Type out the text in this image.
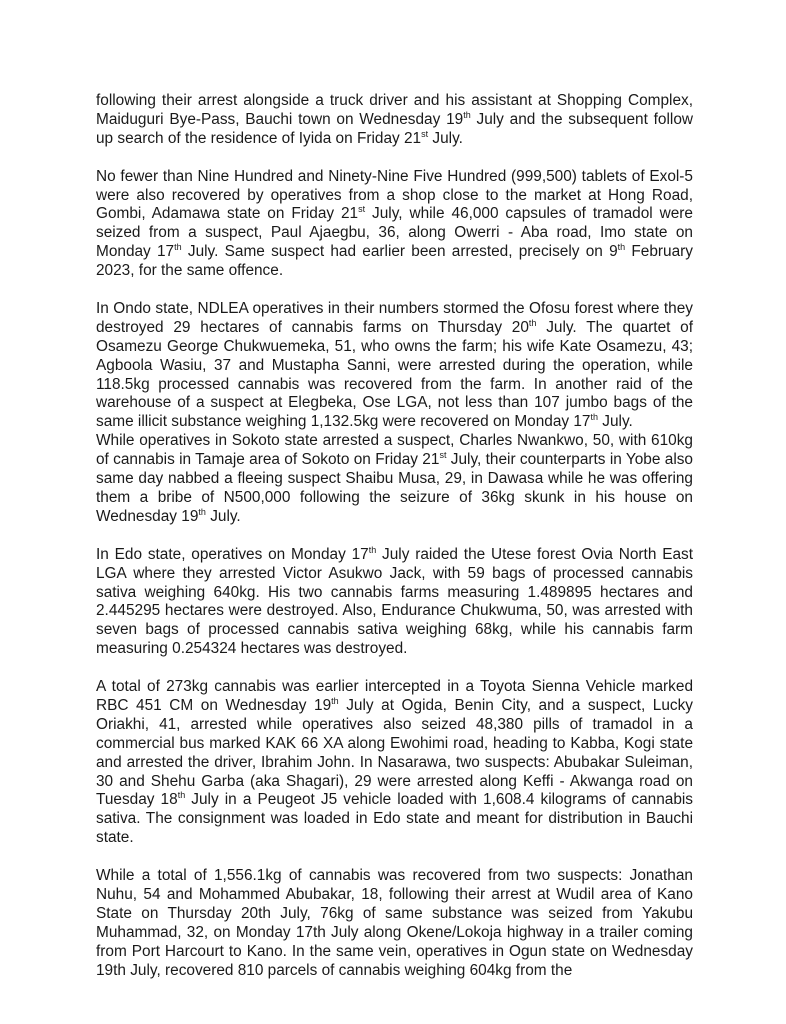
following their arrest alongside a truck driver and his assistant at Shopping Complex, Maiduguri Bye-Pass, Bauchi town on Wednesday 19th July and the subsequent follow up search of the residence of Iyida on Friday 21st July.

No fewer than Nine Hundred and Ninety-Nine Five Hundred (999,500) tablets of Exol-5 were also recovered by operatives from a shop close to the market at Hong Road, Gombi, Adamawa state on Friday 21st July, while 46,000 capsules of tramadol were seized from a suspect, Paul Ajaegbu, 36, along Owerri - Aba road, Imo state on Monday 17th July. Same suspect had earlier been arrested, precisely on 9th February 2023, for the same offence.

In Ondo state, NDLEA operatives in their numbers stormed the Ofosu forest where they destroyed 29 hectares of cannabis farms on Thursday 20th July. The quartet of Osamezu George Chukwuemeka, 51, who owns the farm; his wife Kate Osamezu, 43; Agboola Wasiu, 37 and Mustapha Sanni, were arrested during the operation, while 118.5kg processed cannabis was recovered from the farm. In another raid of the warehouse of a suspect at Elegbeka, Ose LGA, not less than 107 jumbo bags of the same illicit substance weighing 1,132.5kg were recovered on Monday 17th July.

While operatives in Sokoto state arrested a suspect, Charles Nwankwo, 50, with 610kg of cannabis in Tamaje area of Sokoto on Friday 21st July, their counterparts in Yobe also same day nabbed a fleeing suspect Shaibu Musa, 29, in Dawasa while he was offering them a bribe of N500,000 following the seizure of 36kg skunk in his house on Wednesday 19th July.

In Edo state, operatives on Monday 17th July raided the Utese forest Ovia North East LGA where they arrested Victor Asukwo Jack, with 59 bags of processed cannabis sativa weighing 640kg. His two cannabis farms measuring 1.489895 hectares and 2.445295 hectares were destroyed. Also, Endurance Chukwuma, 50, was arrested with seven bags of processed cannabis sativa weighing 68kg, while his cannabis farm measuring 0.254324 hectares was destroyed.

A total of 273kg cannabis was earlier intercepted in a Toyota Sienna Vehicle marked RBC 451 CM on Wednesday 19th July at Ogida, Benin City, and a suspect, Lucky Oriakhi, 41, arrested while operatives also seized 48,380 pills of tramadol in a commercial bus marked KAK 66 XA along Ewohimi road, heading to Kabba, Kogi state and arrested the driver, Ibrahim John. In Nasarawa, two suspects: Abubakar Suleiman, 30 and Shehu Garba (aka Shagari), 29 were arrested along Keffi - Akwanga road on Tuesday 18th July in a Peugeot J5 vehicle loaded with 1,608.4 kilograms of cannabis sativa. The consignment was loaded in Edo state and meant for distribution in Bauchi state.

While a total of 1,556.1kg of cannabis was recovered from two suspects: Jonathan Nuhu, 54 and Mohammed Abubakar, 18, following their arrest at Wudil area of Kano State on Thursday 20th July, 76kg of same substance was seized from Yakubu Muhammad, 32, on Monday 17th July along Okene/Lokoja highway in a trailer coming from Port Harcourt to Kano. In the same vein, operatives in Ogun state on Wednesday 19th July, recovered 810 parcels of cannabis weighing 604kg from the
